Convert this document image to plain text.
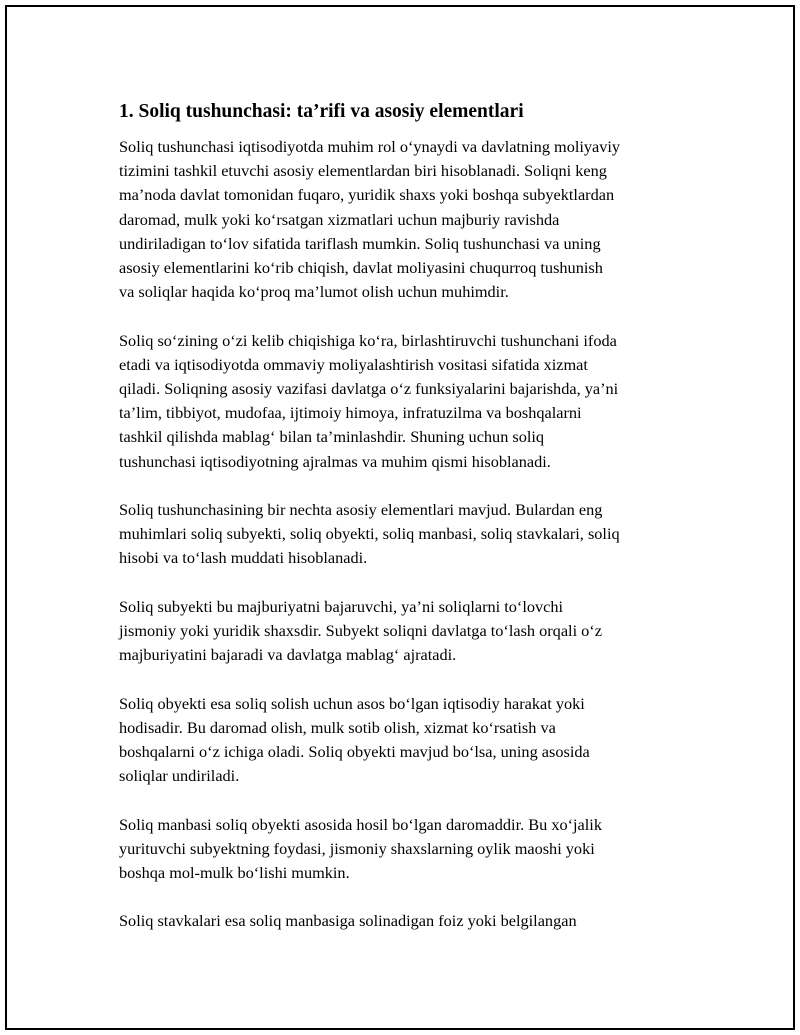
1. Soliq tushunchasi: ta’rifi va asosiy elementlari

Soliq tushunchasi iqtisodiyotda muhim rol oʻynaydi va davlatning moliyaviy
tizimini tashkil etuvchi asosiy elementlardan biri hisoblanadi. Soliqni keng
ma’noda davlat tomonidan fuqaro, yuridik shaxs yoki boshqa subyektlardan
daromad, mulk yoki koʻrsatgan xizmatlari uchun majburiy ravishda
undiriladigan toʻlov sifatida tariflash mumkin. Soliq tushunchasi va uning
asosiy elementlarini koʻrib chiqish, davlat moliyasini chuqurroq tushunish
va soliqlar haqida koʻproq ma’lumot olish uchun muhimdir.

Soliq soʻzining oʻzi kelib chiqishiga koʻra, birlashtiruvchi tushunchani ifoda
etadi va iqtisodiyotda ommaviy moliyalashtirish vositasi sifatida xizmat
qiladi. Soliqning asosiy vazifasi davlatga oʻz funksiyalarini bajarishda, ya’ni
ta’lim, tibbiyot, mudofaa, ijtimoiy himoya, infratuzilma va boshqalarni
tashkil qilishda mablagʻ bilan ta’minlashdir. Shuning uchun soliq
tushunchasi iqtisodiyotning ajralmas va muhim qismi hisoblanadi.

Soliq tushunchasining bir nechta asosiy elementlari mavjud. Bulardan eng
muhimlari soliq subyekti, soliq obyekti, soliq manbasi, soliq stavkalari, soliq
hisobi va toʻlash muddati hisoblanadi.

Soliq subyekti bu majburiyatni bajaruvchi, ya’ni soliqlarni toʻlovchi
jismoniy yoki yuridik shaxsdir. Subyekt soliqni davlatga toʻlash orqali oʻz
majburiyatini bajaradi va davlatga mablagʻ ajratadi.

Soliq obyekti esa soliq solish uchun asos boʻlgan iqtisodiy harakat yoki
hodisadir. Bu daromad olish, mulk sotib olish, xizmat koʻrsatish va
boshqalarni oʻz ichiga oladi. Soliq obyekti mavjud boʻlsa, uning asosida
soliqlar undiriladi.

Soliq manbasi soliq obyekti asosida hosil boʻlgan daromaddir. Bu xoʻjalik
yurituvchi subyektning foydasi, jismoniy shaxslarning oylik maoshi yoki
boshqa mol-mulk boʻlishi mumkin.

Soliq stavkalari esa soliq manbasiga solinadigan foiz yoki belgilangan
